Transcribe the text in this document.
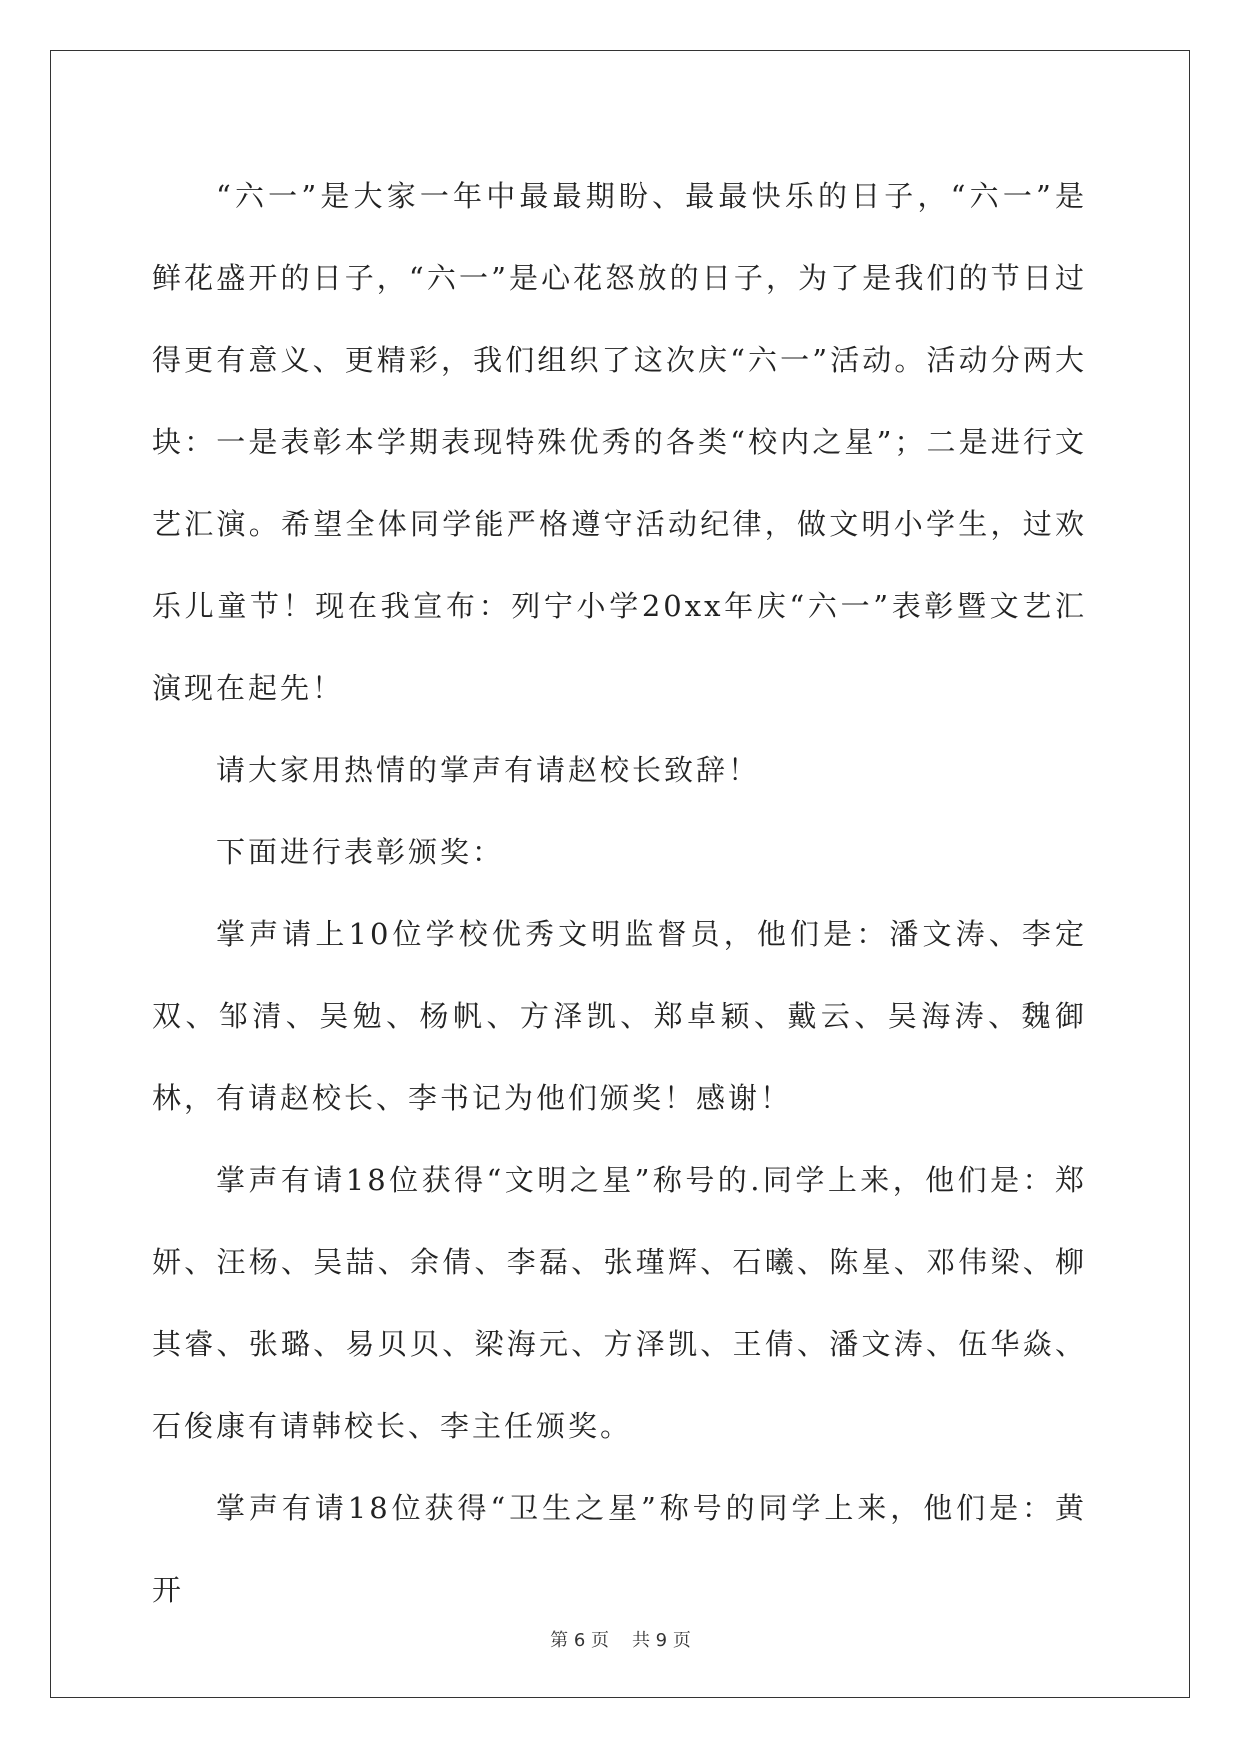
“六一”是大家一年中最最期盼、最最快乐的日子，“六一”是鲜花盛开的日子，“六一”是心花怒放的日子，为了是我们的节日过得更有意义、更精彩，我们组织了这次庆“六一”活动。活动分两大块：一是表彰本学期表现特殊优秀的各类“校内之星”；二是进行文艺汇演。希望全体同学能严格遵守活动纪律，做文明小学生，过欢乐儿童节！现在我宣布：列宁小学20xx年庆“六一”表彰暨文艺汇演现在起先！

请大家用热情的掌声有请赵校长致辞！

下面进行表彰颁奖：

掌声请上10位学校优秀文明监督员，他们是：潘文涛、李定双、邹清、吴勉、杨帆、方泽凯、郑卓颖、戴云、吴海涛、魏御林，有请赵校长、李书记为他们颁奖！感谢！

掌声有请18位获得“文明之星”称号的.同学上来，他们是：郑妍、汪杨、吴喆、余倩、李磊、张瑾辉、石曦、陈星、邓伟梁、柳其睿、张璐、易贝贝、梁海元、方泽凯、王倩、潘文涛、伍华焱、石俊康有请韩校长、李主任颁奖。

掌声有请18位获得“卫生之星”称号的同学上来，他们是：黄开

第 6 页    共 9 页
